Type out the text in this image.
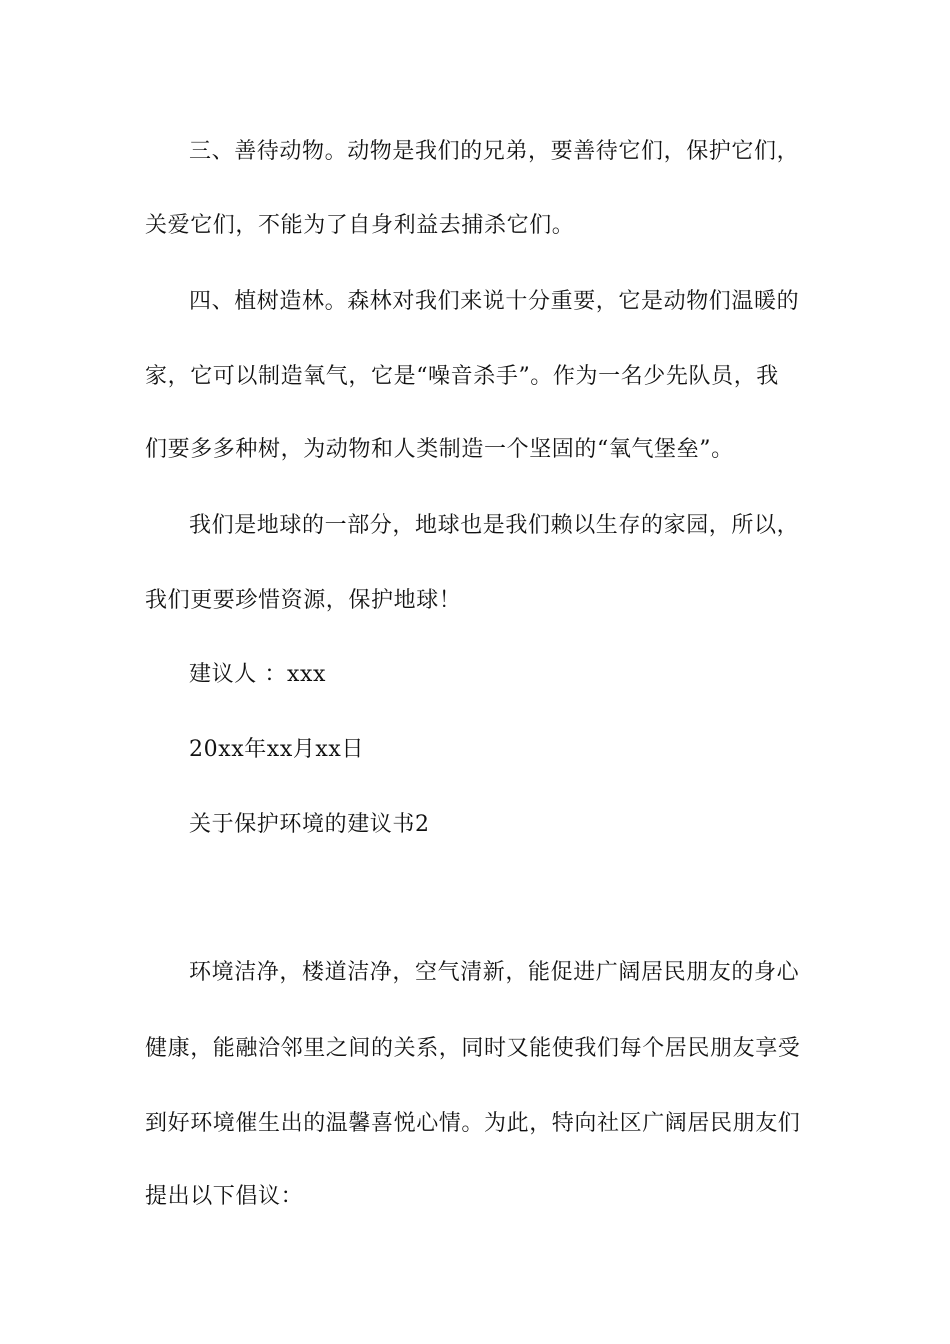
三、善待动物。动物是我们的兄弟，要善待它们，保护它们，
关爱它们，不能为了自身利益去捕杀它们。
四、植树造林。森林对我们来说十分重要，它是动物们温暖的
家，它可以制造氧气，它是“噪音杀手”。作为一名少先队员，我
们要多多种树，为动物和人类制造一个坚固的“氧气堡垒”。
我们是地球的一部分，地球也是我们赖以生存的家园，所以，
我们更要珍惜资源，保护地球！
建议人 ：xxx
20xx年xx月xx日
关于保护环境的建议书2
环境洁净，楼道洁净，空气清新，能促进广阔居民朋友的身心
健康，能融洽邻里之间的关系，同时又能使我们每个居民朋友享受
到好环境催生出的温馨喜悦心情。为此，特向社区广阔居民朋友们
提出以下倡议：
